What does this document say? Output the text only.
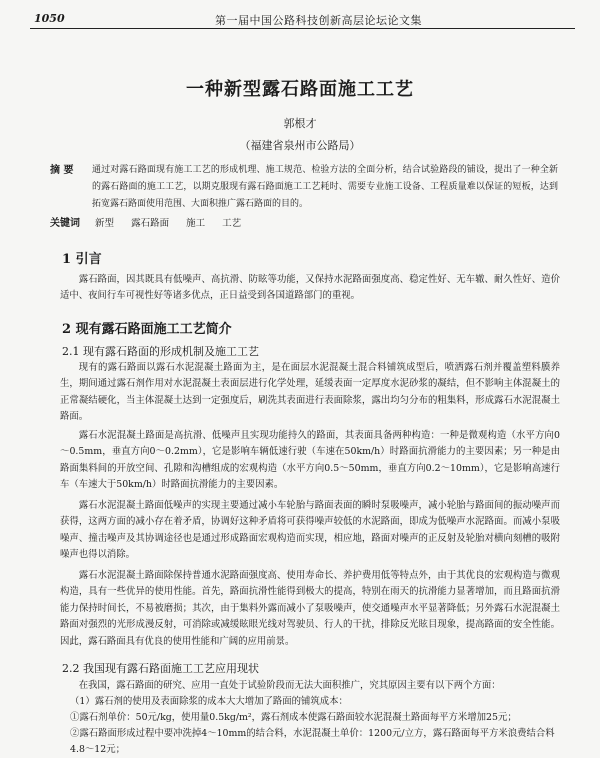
1050	第一届中国公路科技创新高层论坛论文集
一种新型露石路面施工工艺
郭根才
（福建省泉州市公路局）
摘 要 通过对露石路面现有施工工艺的形成机理、施工规范、检验方法的全面分析，结合试验路段的铺设，提出了一种全新的露石路面的施工工艺，以期克服现有露石路面施工工艺耗时、需要专业施工设备、工程质量难以保证的短板，达到拓宽露石路面使用范围、大面积推广露石路面的目的。
关键词 新型 露石路面 施工 工艺
1 引言
露石路面，因其既具有低噪声、高抗滑、防眩等功能，又保持水泥路面强度高、稳定性好、无车辙、耐久性好、造价适中、夜间行车可视性好等诸多优点，正日益受到各国道路部门的重视。
2 现有露石路面施工工艺简介
2.1 现有露石路面的形成机制及施工工艺
现有的露石路面以露石水泥混凝土路面为主，是在面层水泥混凝土混合料铺筑成型后，喷洒露石剂并覆盖塑料膜养生，期间通过露石剂作用对水泥混凝土表面层进行化学处理，延缓表面一定厚度水泥砂浆的凝结，但不影响主体混凝土的正常凝结硬化，当主体混凝土达到一定强度后，刷洗其表面进行表面除浆，露出均匀分布的粗集料，形成露石水泥混凝土路面。
露石水泥混凝土路面是高抗滑、低噪声且实现功能持久的路面，其表面具备两种构造：一种是微观构造（水平方向0～0.5mm，垂直方向0～0.2mm），它是影响车辆低速行驶（车速在50km/h）时路面抗滑能力的主要因素；另一种是由路面集料间的开放空间、孔隙和沟槽组成的宏观构造（水平方向0.5～50mm，垂直方向0.2～10mm），它是影响高速行车（车速大于50km/h）时路面抗滑能力的主要因素。
露石水泥混凝土路面低噪声的实现主要通过减小车轮胎与路面表面的瞬时泵吸噪声，减小轮胎与路面间的振动噪声而获得，这两方面的减小存在着矛盾，协调好这种矛盾将可获得噪声较低的水泥路面，即成为低噪声水泥路面。而减小泵吸噪声、撞击噪声及其协调途径也是通过形成路面宏观构造而实现，相应地，路面对噪声的正反射及轮胎对横向刻槽的吸附噪声也得以消除。
露石水泥混凝土路面除保持普通水泥路面强度高、使用寿命长、养护费用低等特点外，由于其优良的宏观构造与微观构造，具有一些优异的使用性能。首先，路面抗滑性能得到极大的提高，特别在雨天的抗滑能力显著增加，而且路面抗滑能力保持时间长，不易被磨损；其次，由于集料外露而减小了泵吸噪声，使交通噪声水平显著降低；另外露石水泥混凝土路面对强烈的光形成漫反射，可消除或减缓眩眼光线对驾驶员、行人的干扰，排除反光眩目现象，提高路面的安全性能。因此，露石路面具有优良的使用性能和广阔的应用前景。
2.2 我国现有露石路面施工工艺应用现状
在我国，露石路面的研究、应用一直处于试验阶段而无法大面积推广，究其原因主要有以下两个方面：
（1）露石剂的使用及表面除浆的成本大大增加了路面的铺筑成本：
①露石剂单价：50元/kg，使用量0.5kg/m²，露石剂成本使露石路面较水泥混凝土路面每平方米增加25元；
②露石路面形成过程中要冲洗掉4～10mm的结合料，水泥混凝土单价：1200元/立方，露石路面每平方米浪费结合料4.8～12元；
